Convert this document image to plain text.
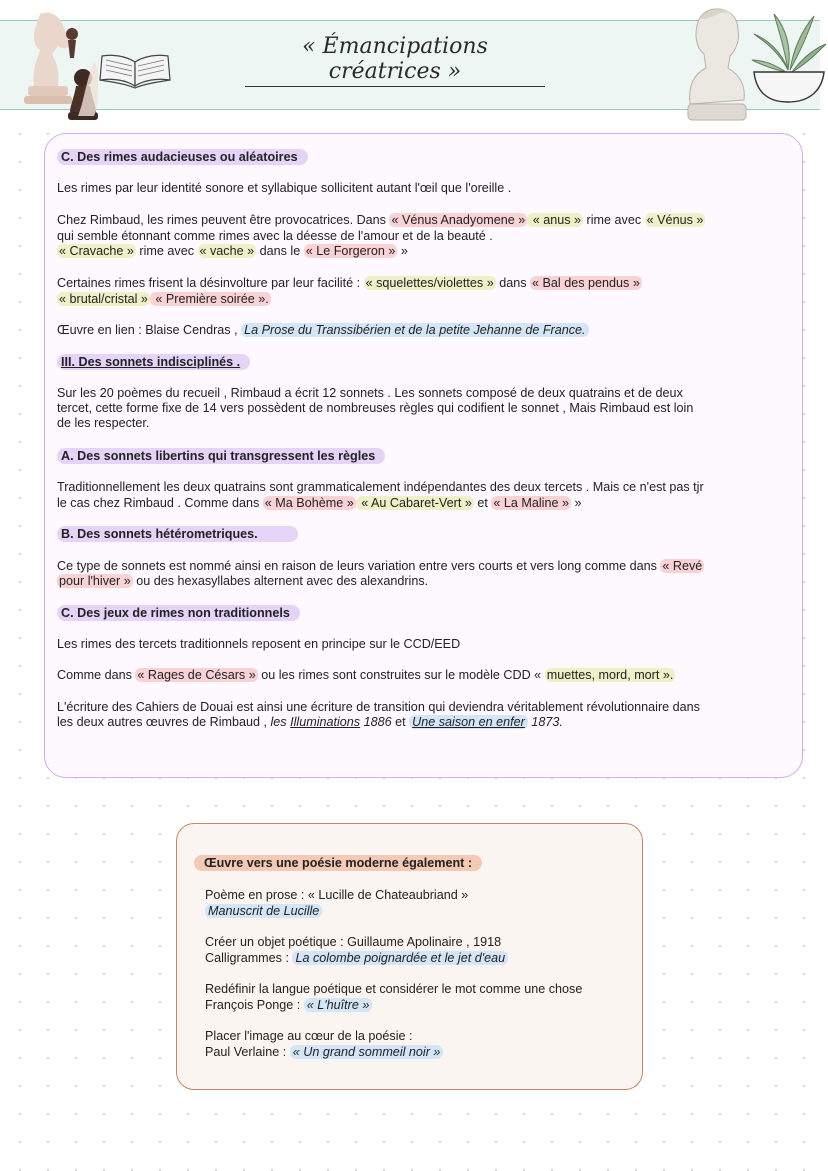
« Émancipations créatrices »
C. Des rimes audacieuses ou aléatoires
Les rimes par leur identité sonore et syllabique sollicitent autant l'œil que l'oreille .
Chez Rimbaud, les rimes peuvent être provocatrices. Dans « Vénus Anadyomene » « anus » rime avec « Vénus »
qui semble étonnant comme rimes avec la déesse de l'amour et de la beauté .
« Cravache » rime avec « vache » dans le « Le Forgeron » »
Certaines rimes frisent la désinvolture par leur facilité : « squelettes/violettes » dans « Bal des pendus »
« brutal/cristal » « Première soirée ».
Œuvre en lien : Blaise Cendras , La Prose du Transsibérien et de la petite Jehanne de France.
III. Des sonnets indisciplinés .
Sur les 20 poèmes du recueil , Rimbaud a écrit 12 sonnets . Les sonnets composé de deux quatrains et de deux
tercet, cette forme fixe de 14 vers possèdent de nombreuses règles qui codifient le sonnet , Mais Rimbaud est loin
de les respecter.
A. Des sonnets libertins qui transgressent les règles
Traditionnellement les deux quatrains sont grammaticalement indépendantes des deux tercets . Mais ce n'est pas tjr
le cas chez Rimbaud . Comme dans « Ma Bohème » « Au Cabaret-Vert » et « La Maline » »
B. Des sonnets hétérometriques.
Ce type de sonnets est nommé ainsi en raison de leurs variation entre vers courts et vers long comme dans « Revé
pour l'hiver » ou des hexasyllabes alternent avec des alexandrins.
C. Des jeux de rimes non traditionnels
Les rimes des tercets traditionnels reposent en principe sur le CCD/EED
Comme dans « Rages de Césars » ou les rimes sont construites sur le modèle CDD « muettes, mord, mort ».
L'écriture des Cahiers de Douai est ainsi une écriture de transition qui deviendra véritablement révolutionnaire dans
les deux autres œuvres de Rimbaud , les Illuminations 1886 et Une saison en enfer 1873.
Œuvre vers une poésie moderne également :
Poème en prose : « Lucille de Chateaubriand »
Manuscrit de Lucille
Créer un objet poétique : Guillaume Apolinaire , 1918
Calligrammes : La colombe poignardée et le jet d'eau
Redéfinir la langue poétique et considérer le mot comme une chose
François Ponge : « L'huître »
Placer l'image au cœur de la poésie :
Paul Verlaine : « Un grand sommeil noir »
